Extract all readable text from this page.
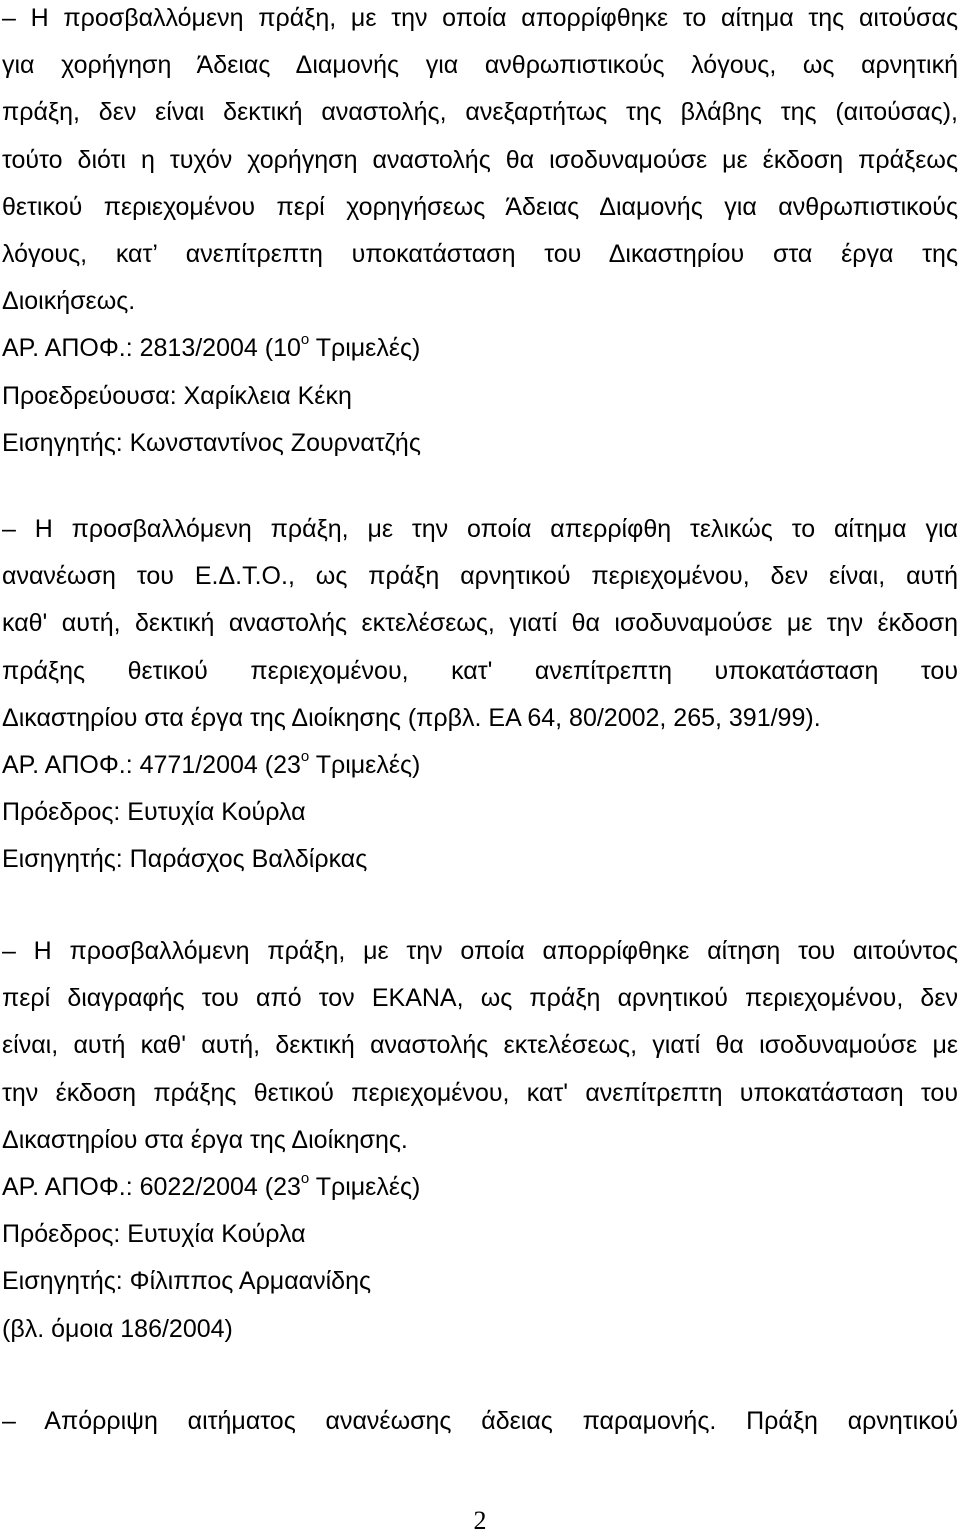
– Η προσβαλλόμενη πράξη, με την οποία απορρίφθηκε το αίτημα της αιτούσας
για χορήγηση Άδειας Διαμονής για ανθρωπιστικούς λόγους, ως αρνητική
πράξη, δεν είναι δεκτική αναστολής, ανεξαρτήτως της βλάβης της (αιτούσας),
τούτο διότι η τυχόν χορήγηση αναστολής θα ισοδυναμούσε με έκδοση πράξεως
θετικού περιεχομένου περί χορηγήσεως Άδειας Διαμονής για ανθρωπιστικούς
λόγους, κατ’ ανεπίτρεπτη υποκατάσταση του Δικαστηρίου στα έργα της
Διοικήσεως.
ΑΡ. ΑΠΟΦ.: 2813/2004 ($10^o$ Τριμελές)
Προεδρεύουσα: Χαρίκλεια Κέκη
Εισηγητής: Κωνσταντίνος Ζουρνατζής
– Η προσβαλλόμενη πράξη, με την οποία απερρίφθη τελικώς το αίτημα για
ανανέωση του Ε.Δ.Τ.Ο., ως πράξη αρνητικού περιεχομένου, δεν είναι, αυτή
καθ' αυτή, δεκτική αναστολής εκτελέσεως, γιατί θα ισοδυναμούσε με την έκδοση
πράξης θετικού περιεχομένου, κατ' ανεπίτρεπτη υποκατάσταση του
Δικαστηρίου στα έργα της Διοίκησης (πρβλ. ΕΑ 64, 80/2002, 265, 391/99).
ΑΡ. ΑΠΟΦ.: 4771/2004 ($23^o$ Τριμελές)
Πρόεδρος: Ευτυχία Κούρλα
Εισηγητής: Παράσχος Βαλδίρκας
– Η προσβαλλόμενη πράξη, με την οποία απορρίφθηκε αίτηση του αιτούντος
περί διαγραφής του από τον ΕΚΑΝΑ, ως πράξη αρνητικού περιεχομένου, δεν
είναι, αυτή καθ' αυτή, δεκτική αναστολής εκτελέσεως, γιατί θα ισοδυναμούσε με
την έκδοση πράξης θετικού περιεχομένου, κατ' ανεπίτρεπτη υποκατάσταση του
Δικαστηρίου στα έργα της Διοίκησης.
ΑΡ. ΑΠΟΦ.: 6022/2004 ($23^o$ Τριμελές)
Πρόεδρος: Ευτυχία Κούρλα
Εισηγητής: Φίλιππος Αρμαανίδης
(βλ. όμοια 186/2004)
– Απόρριψη αιτήματος ανανέωσης άδειας παραμονής. Πράξη αρνητικού
2
